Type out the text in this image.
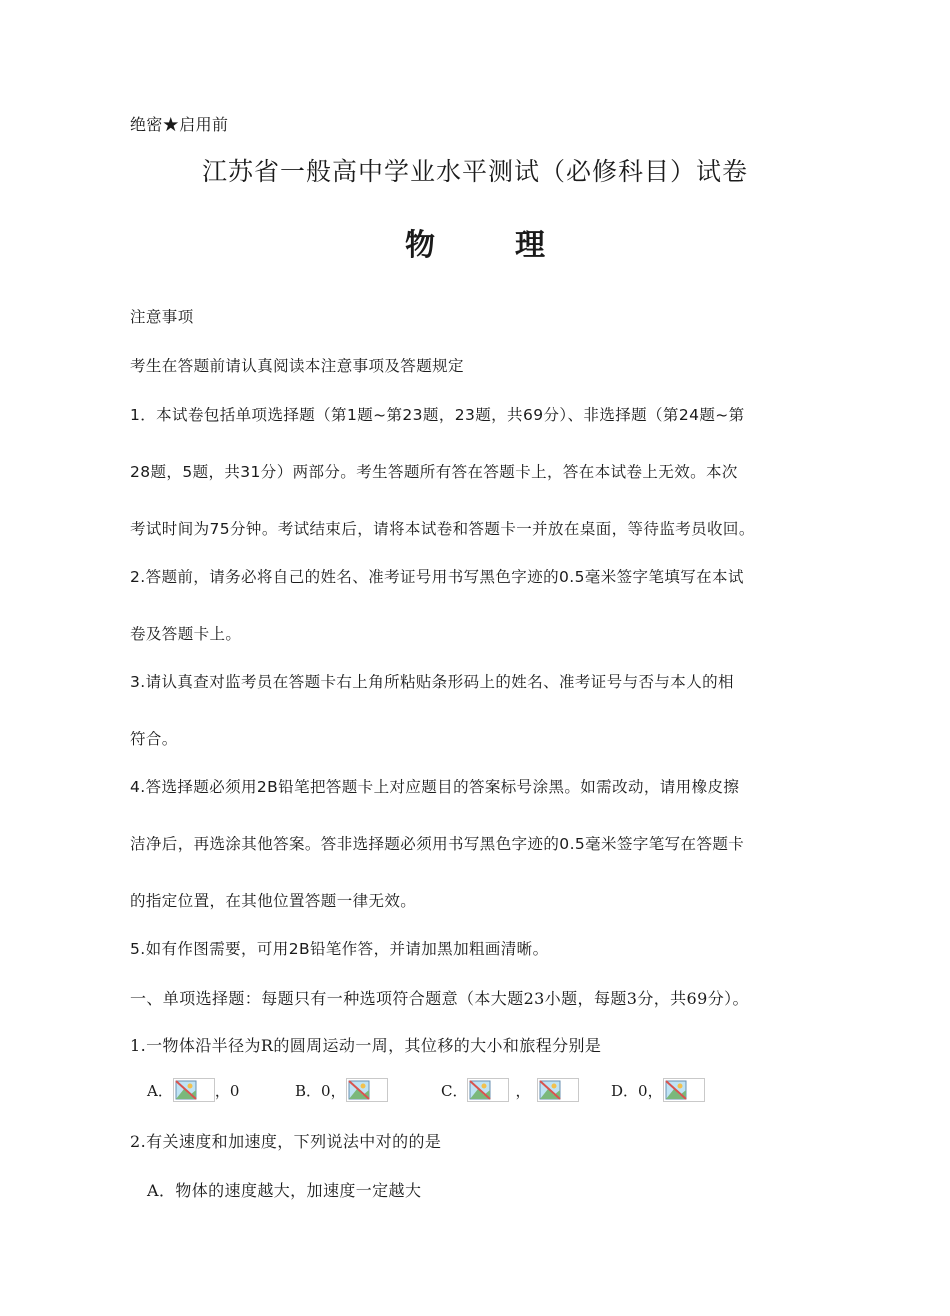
绝密★启用前
江苏省一般高中学业水平测试（必修科目）试卷
物	理
注意事项
考生在答题前请认真阅读本注意事项及答题规定
1．本试卷包括单项选择题（第1题~第23题，23题，共69分）、非选择题（第24题~第
28题，5题，共31分）两部分。考生答题所有答在答题卡上，答在本试卷上无效。本次
考试时间为75分钟。考试结束后，请将本试卷和答题卡一并放在桌面，等待监考员收回。
2.答题前，请务必将自己的姓名、准考证号用书写黑色字迹的0.5毫米签字笔填写在本试
卷及答题卡上。
3.请认真查对监考员在答题卡右上角所粘贴条形码上的姓名、准考证号与否与本人的相
符合。
4.答选择题必须用2B铅笔把答题卡上对应题目的答案标号涂黑。如需改动，请用橡皮擦
洁净后，再选涂其他答案。答非选择题必须用书写黑色字迹的0.5毫米签字笔写在答题卡
的指定位置，在其他位置答题一律无效。
5.如有作图需要，可用2B铅笔作答，并请加黑加粗画清晰。
一、单项选择题：每题只有一种选项符合题意（本大题23小题，每题3分，共69分）。
1.一物体沿半径为R的圆周运动一周，其位移的大小和旅程分别是
A．	，0	B．0，	C．	，	D．0，
2.有关速度和加速度，下列说法中对的的是
A．物体的速度越大，加速度一定越大
